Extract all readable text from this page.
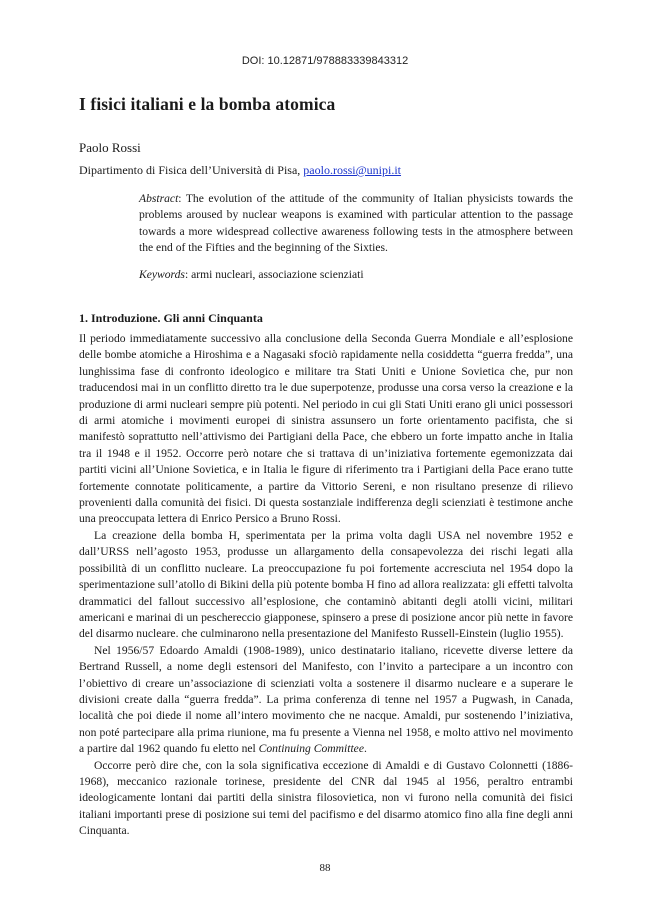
DOI: 10.12871/978883339843312
I fisici italiani e la bomba atomica
Paolo Rossi
Dipartimento di Fisica dell’Università di Pisa, paolo.rossi@unipi.it

Abstract: The evolution of the attitude of the community of Italian physicists towards the problems aroused by nuclear weapons is examined with particular attention to the passage towards a more widespread collective awareness following tests in the atmosphere between the end of the Fifties and the beginning of the Sixties.

Keywords: armi nucleari, associazione scienziati
1. Introduzione. Gli anni Cinquanta

Il periodo immediatamente successivo alla conclusione della Seconda Guerra Mondiale e all’esplosione delle bombe atomiche a Hiroshima e a Nagasaki sfociò rapidamente nella cosiddetta “guerra fredda”, una lunghissima fase di confronto ideologico e militare tra Stati Uniti e Unione Sovietica che, pur non traducendosi mai in un conflitto diretto tra le due superpotenze, produsse una corsa verso la creazione e la produzione di armi nucleari sempre più potenti. Nel periodo in cui gli Stati Uniti erano gli unici possessori di armi atomiche i movimenti europei di sinistra assunsero un forte orientamento pacifista, che si manifestò soprattutto nell’attivismo dei Partigiani della Pace, che ebbero un forte impatto anche in Italia tra il 1948 e il 1952. Occorre però notare che si trattava di un’iniziativa fortemente egemonizzata dai partiti vicini all’Unione Sovietica, e in Italia le figure di riferimento tra i Partigiani della Pace erano tutte fortemente connotate politicamente, a partire da Vittorio Sereni, e non risultano presenze di rilievo provenienti dalla comunità dei fisici. Di questa sostanziale indifferenza degli scienziati è testimone anche una preoccupata lettera di Enrico Persico a Bruno Rossi.

La creazione della bomba H, sperimentata per la prima volta dagli USA nel novembre 1952 e dall’URSS nell’agosto 1953, produsse un allargamento della consapevolezza dei rischi legati alla possibilità di un conflitto nucleare. La preoccupazione fu poi fortemente accresciuta nel 1954 dopo la sperimentazione sull’atollo di Bikini della più potente bomba H fino ad allora realizzata: gli effetti talvolta drammatici del fallout successivo all’esplosione, che contaminò abitanti degli atolli vicini, militari americani e marinai di un peschereccio giapponese, spinsero a prese di posizione ancor più nette in favore del disarmo nucleare. che culminarono nella presentazione del Manifesto Russell-Einstein (luglio 1955).

Nel 1956/57 Edoardo Amaldi (1908-1989), unico destinatario italiano, ricevette diverse lettere da Bertrand Russell, a nome degli estensori del Manifesto, con l’invito a partecipare a un incontro con l’obiettivo di creare un’associazione di scienziati volta a sostenere il disarmo nucleare e a superare le divisioni create dalla “guerra fredda”. La prima conferenza di tenne nel 1957 a Pugwash, in Canada, località che poi diede il nome all’intero movimento che ne nacque. Amaldi, pur sostenendo l’iniziativa, non poté partecipare alla prima riunione, ma fu presente a Vienna nel 1958, e molto attivo nel movimento a partire dal 1962 quando fu eletto nel Continuing Committee.

Occorre però dire che, con la sola significativa eccezione di Amaldi e di Gustavo Colonnetti (1886-1968), meccanico razionale torinese, presidente del CNR dal 1945 al 1956, peraltro entrambi ideologicamente lontani dai partiti della sinistra filosovietica, non vi furono nella comunità dei fisici italiani importanti prese di posizione sui temi del pacifismo e del disarmo atomico fino alla fine degli anni Cinquanta.

88
